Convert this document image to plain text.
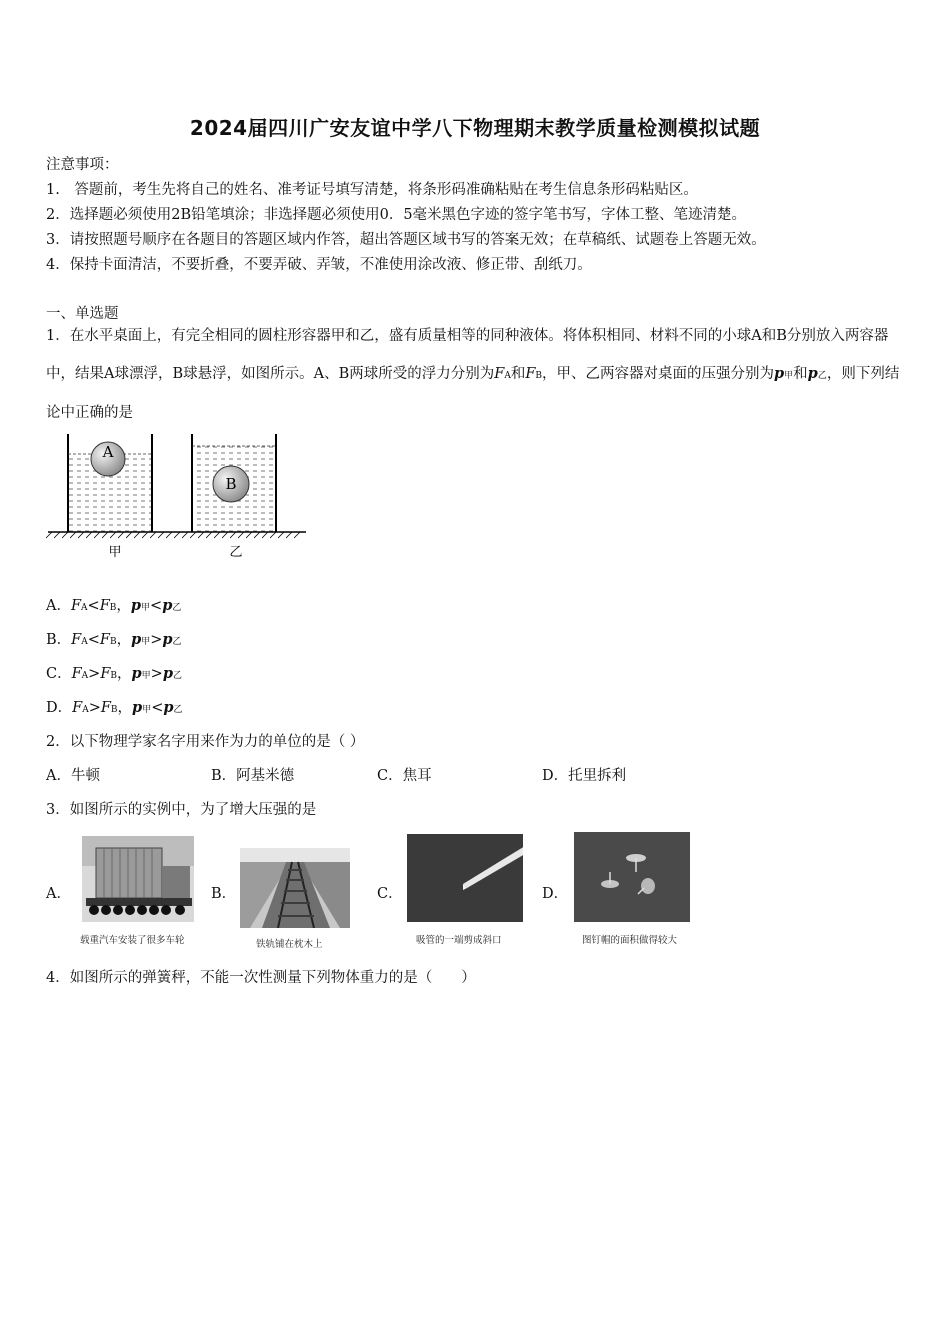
2024届四川广安友谊中学八下物理期末教学质量检测模拟试题
注意事项：
1.　答题前，考生先将自己的姓名、准考证号填写清楚，将条形码准确粘贴在考生信息条形码粘贴区。
2．选择题必须使用2B铅笔填涂；非选择题必须使用0．5毫米黑色字迹的签字笔书写，字体工整、笔迹清楚。
3．请按照题号顺序在各题目的答题区域内作答，超出答题区域书写的答案无效；在草稿纸、试题卷上答题无效。
4．保持卡面清洁，不要折叠，不要弄破、弄皱，不准使用涂改液、修正带、刮纸刀。
一、单选题
1．在水平桌面上，有完全相同的圆柱形容器甲和乙，盛有质量相等的同种液体。将体积相同、材料不同的小球A和B分别放入两容器中，结果A球漂浮，B球悬浮，如图所示。A、B两球所受的浮力分别为FA和FB，甲、乙两容器对桌面的压强分别为p甲和p乙，则下列结论中正确的是
A
B
甲	乙
A．FA<FB，p甲<p乙
B．FA<FB，p甲>p乙
C．FA>FB，p甲>p乙
D．FA>FB，p甲<p乙
2．以下物理学家名字用来作为力的单位的是（ ）
A．牛顿	B．阿基米德	C．焦耳	D．托里拆利
3．如图所示的实例中，为了增大压强的是
A．
载重汽车安装了很多车轮
B．
铁轨铺在枕木上
C．
吸管的一端剪成斜口
D．
图钉帽的面积做得较大
4．如图所示的弹簧秤，不能一次性测量下列物体重力的是（　　）
